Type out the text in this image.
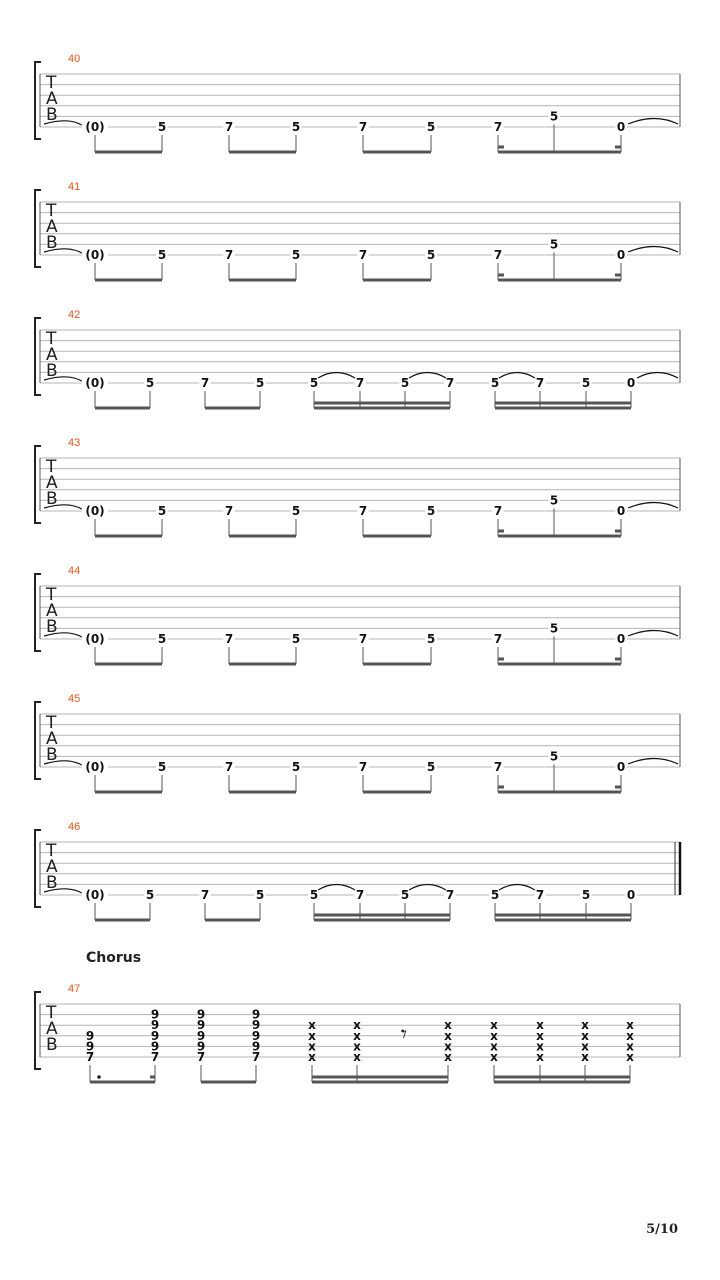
T
A
B
40
(0)	5	7	5	7	5	7
5
0
T
A
B
41
(0)	5	7	5	7	5	7
5
0
T
A
B
42
(0)	5	7	5	5	7	5	7	5	7	5	0
T
A
B
43
(0)	5	7	5	7	5	7
5
0
T
A
B
44
(0)	5	7	5	7	5	7
5
0
T
A
B
45
(0)	5	7	5	7	5	7
5
0
T
A
B
46
(0)	5	7	5	5	7	5	7	5	7	5	0
T
A
B
47
9
9
7
9
9
9
9
7
9
9
9
9
7
9
9
9
9
7
x
x
x
x
x
x
x
x
x
x
x
x
x
x
x
x
x
x
x
x
x
x
x
x
x
x
x
x
𝄾
Chorus
5/10
